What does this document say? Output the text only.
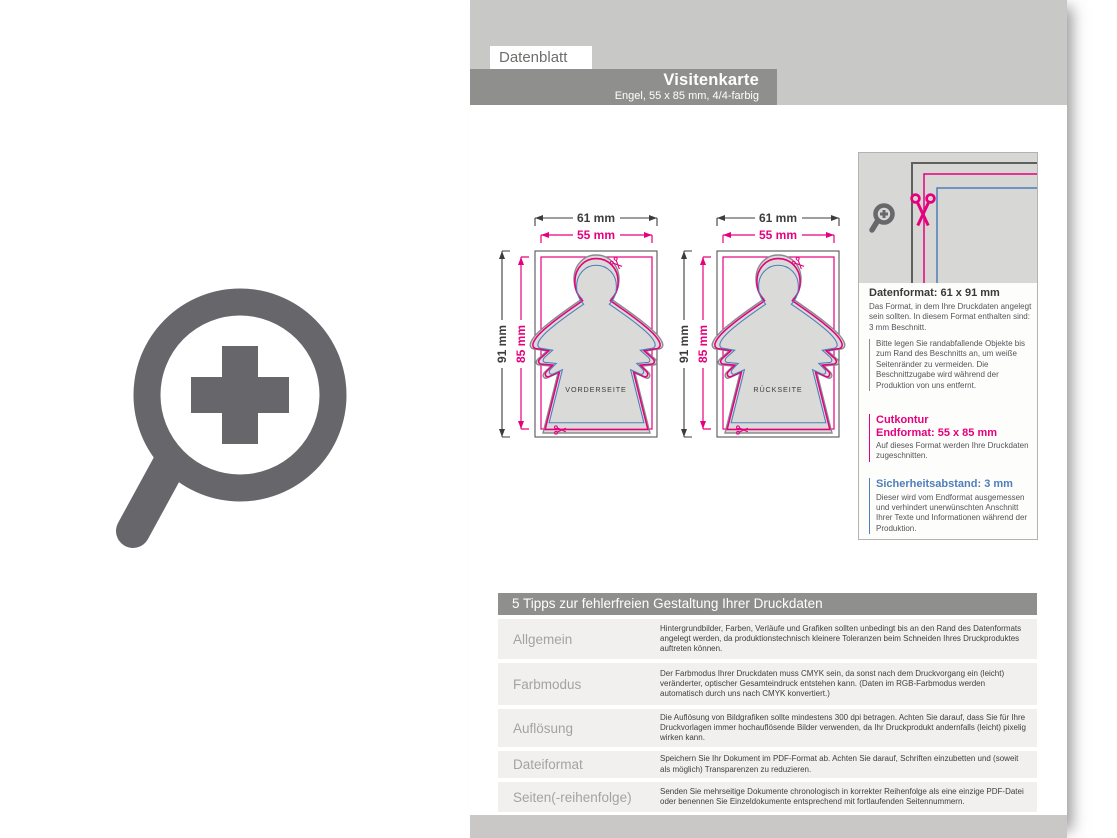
Datenblatt
Visitenkarte
Engel, 55 x 85 mm, 4/4-farbig
61 mm
55 mm
91 mm 85 mm
VORDERSEITE
61 mm
55 mm
91 mm 85 mm
RÜCKSEITE
Datenformat: 61 x 91 mm
Das Format, in dem Ihre Druckdaten angelegt sein sollten. In diesem Format enthalten sind: 3 mm Beschnitt.
Bitte legen Sie randabfallende Objekte bis zum Rand des Beschnitts an, um weiße Seitenränder zu vermeiden. Die Beschnittzugabe wird während der Produktion von uns entfernt.
Cutkontur
Endformat: 55 x 85 mm
Auf dieses Format werden Ihre Druckdaten zugeschnitten.
Sicherheitsabstand: 3 mm
Dieser wird vom Endformat ausgemessen und verhindert unerwünschten Anschnitt Ihrer Texte und Informationen während der Produktion.
5 Tipps zur fehlerfreien Gestaltung Ihrer Druckdaten
Allgemein
Hintergrundbilder, Farben, Verläufe und Grafiken sollten unbedingt bis an den Rand des Datenformats angelegt werden, da produktionstechnisch kleinere Toleranzen beim Schneiden Ihres Druckproduktes auftreten können.
Farbmodus
Der Farbmodus Ihrer Druckdaten muss CMYK sein, da sonst nach dem Druckvorgang ein (leicht) veränderter, optischer Gesamteindruck entstehen kann. (Daten im RGB-Farbmodus werden automatisch durch uns nach CMYK konvertiert.)
Auflösung
Die Auflösung von Bildgrafiken sollte mindestens 300 dpi betragen. Achten Sie darauf, dass Sie für Ihre Druckvorlagen immer hochauflösende Bilder verwenden, da Ihr Druckprodukt andernfalls (leicht) pixelig wirken kann.
Dateiformat	Speichern Sie Ihr Dokument im PDF-Format ab. Achten Sie darauf, Schriften einzubetten und (soweit als möglich) Transparenzen zu reduzieren.
Seiten(-reihenfolge)	Senden Sie mehrseitige Dokumente chronologisch in korrekter Reihenfolge als eine einzige PDF-Datei oder benennen Sie Einzeldokumente entsprechend mit fortlaufenden Seitennummern.
